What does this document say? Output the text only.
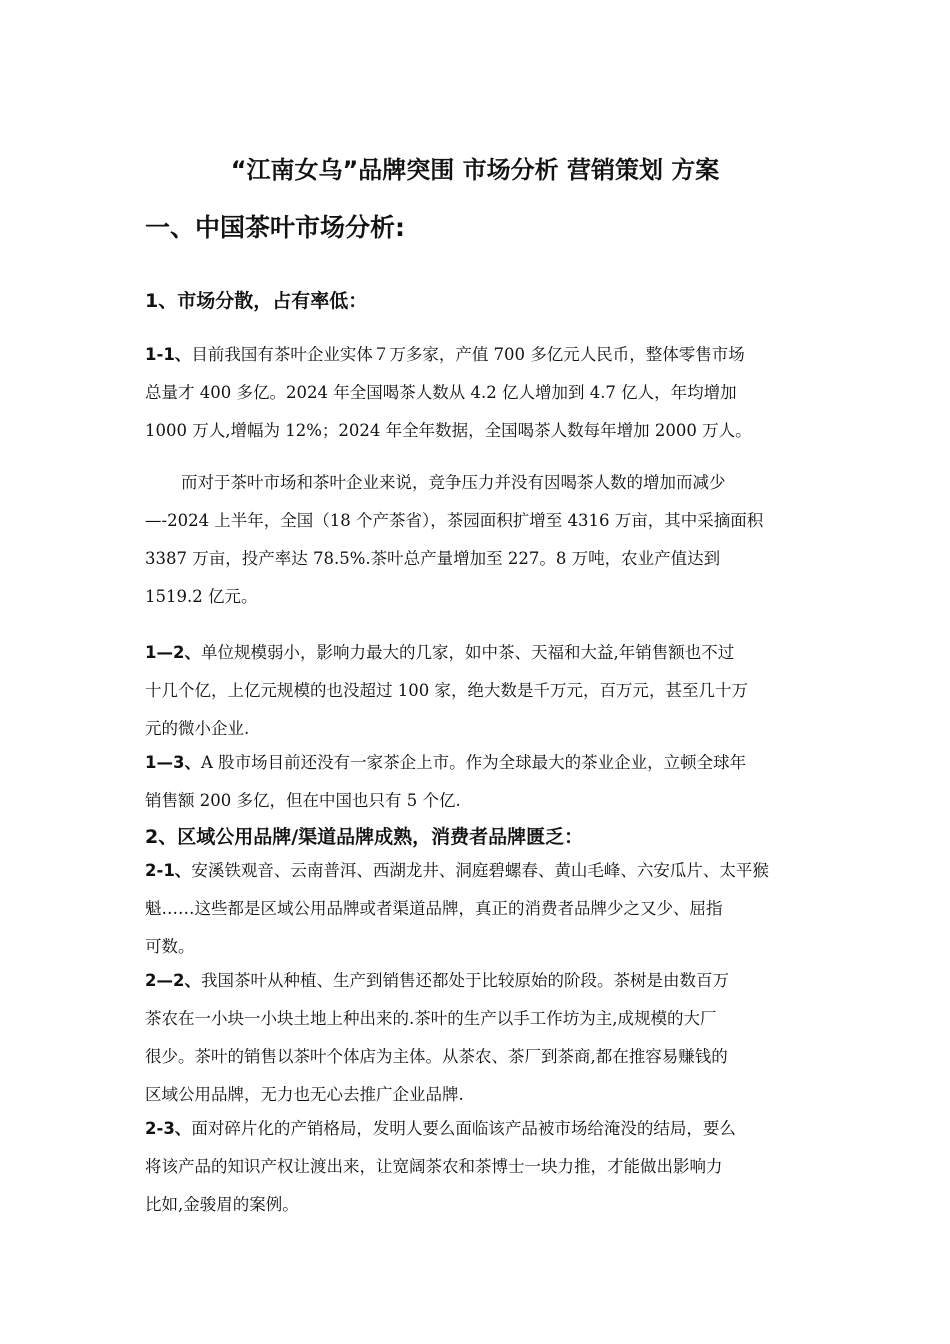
“江南女乌”品牌突围 市场分析 营销策划 方案
一、中国茶叶市场分析:
1、市场分散，占有率低：
1-1、目前我国有茶叶企业实体７万多家，产值 700 多亿元人民币，整体零售市场
总量才 400 多亿。2024 年全国喝茶人数从 4.2 亿人增加到 4.7 亿人，年均增加
1000 万人,增幅为 12%；2024 年全年数据，全国喝茶人数每年增加 2000 万人。
而对于茶叶市场和茶叶企业来说，竞争压力并没有因喝茶人数的增加而减少
—-2024 上半年，全国（18 个产茶省），茶园面积扩增至 4316 万亩，其中采摘面积
3387 万亩，投产率达 78.5%.茶叶总产量增加至 227。8 万吨，农业产值达到
1519.2 亿元。
1—2、单位规模弱小，影响力最大的几家，如中茶、天福和大益,年销售额也不过
十几个亿，上亿元规模的也没超过 100 家，绝大数是千万元，百万元，甚至几十万
元的微小企业.
1—3、A 股市场目前还没有一家茶企上市。作为全球最大的茶业企业，立顿全球年
销售额 200 多亿，但在中国也只有 5 个亿.
2、区域公用品牌/渠道品牌成熟，消费者品牌匮乏：
2-1、安溪铁观音、云南普洱、西湖龙井、洞庭碧螺春、黄山毛峰、六安瓜片、太平猴
魁……这些都是区域公用品牌或者渠道品牌，真正的消费者品牌少之又少、屈指
可数。
2—2、我国茶叶从种植、生产到销售还都处于比较原始的阶段。茶树是由数百万
茶农在一小块一小块土地上种出来的.茶叶的生产以手工作坊为主,成规模的大厂
很少。茶叶的销售以茶叶个体店为主体。从茶农、茶厂到茶商,都在推容易赚钱的
区域公用品牌，无力也无心去推广企业品牌.
2-3、面对碎片化的产销格局，发明人要么面临该产品被市场给淹没的结局，要么
将该产品的知识产权让渡出来，让宽阔茶农和茶博士一块力推，才能做出影响力
比如,金骏眉的案例。
